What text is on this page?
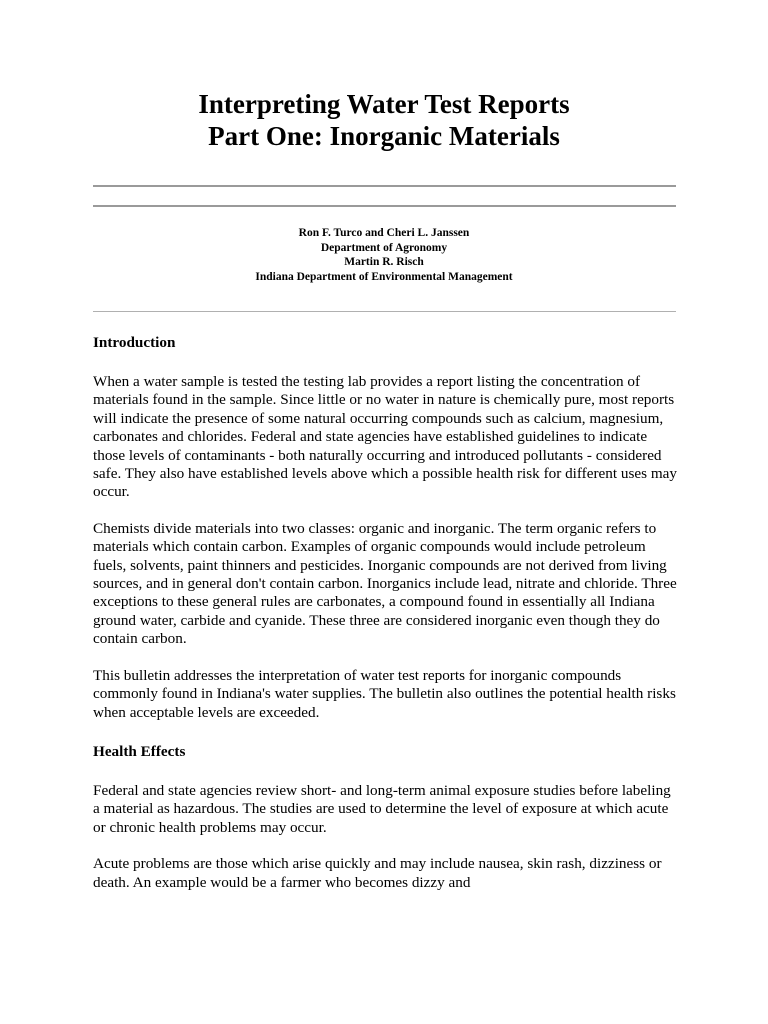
Interpreting Water Test Reports
Part One: Inorganic Materials
Ron F. Turco and Cheri L. Janssen
Department of Agronomy
Martin R. Risch
Indiana Department of Environmental Management
Introduction

When a water sample is tested the testing lab provides a report listing the concentration of materials found in the sample. Since little or no water in nature is chemically pure, most reports will indicate the presence of some natural occurring compounds such as calcium, magnesium, carbonates and chlorides. Federal and state agencies have established guidelines to indicate those levels of contaminants - both naturally occurring and introduced pollutants - considered safe. They also have established levels above which a possible health risk for different uses may occur.

Chemists divide materials into two classes: organic and inorganic. The term organic refers to materials which contain carbon. Examples of organic compounds would include petroleum fuels, solvents, paint thinners and pesticides. Inorganic compounds are not derived from living sources, and in general don't contain carbon. Inorganics include lead, nitrate and chloride. Three exceptions to these general rules are carbonates, a compound found in essentially all Indiana ground water, carbide and cyanide. These three are considered inorganic even though they do contain carbon.

This bulletin addresses the interpretation of water test reports for inorganic compounds commonly found in Indiana's water supplies. The bulletin also outlines the potential health risks when acceptable levels are exceeded.

Health Effects

Federal and state agencies review short- and long-term animal exposure studies before labeling a material as hazardous. The studies are used to determine the level of exposure at which acute or chronic health problems may occur.

Acute problems are those which arise quickly and may include nausea, skin rash, dizziness or death. An example would be a farmer who becomes dizzy and
